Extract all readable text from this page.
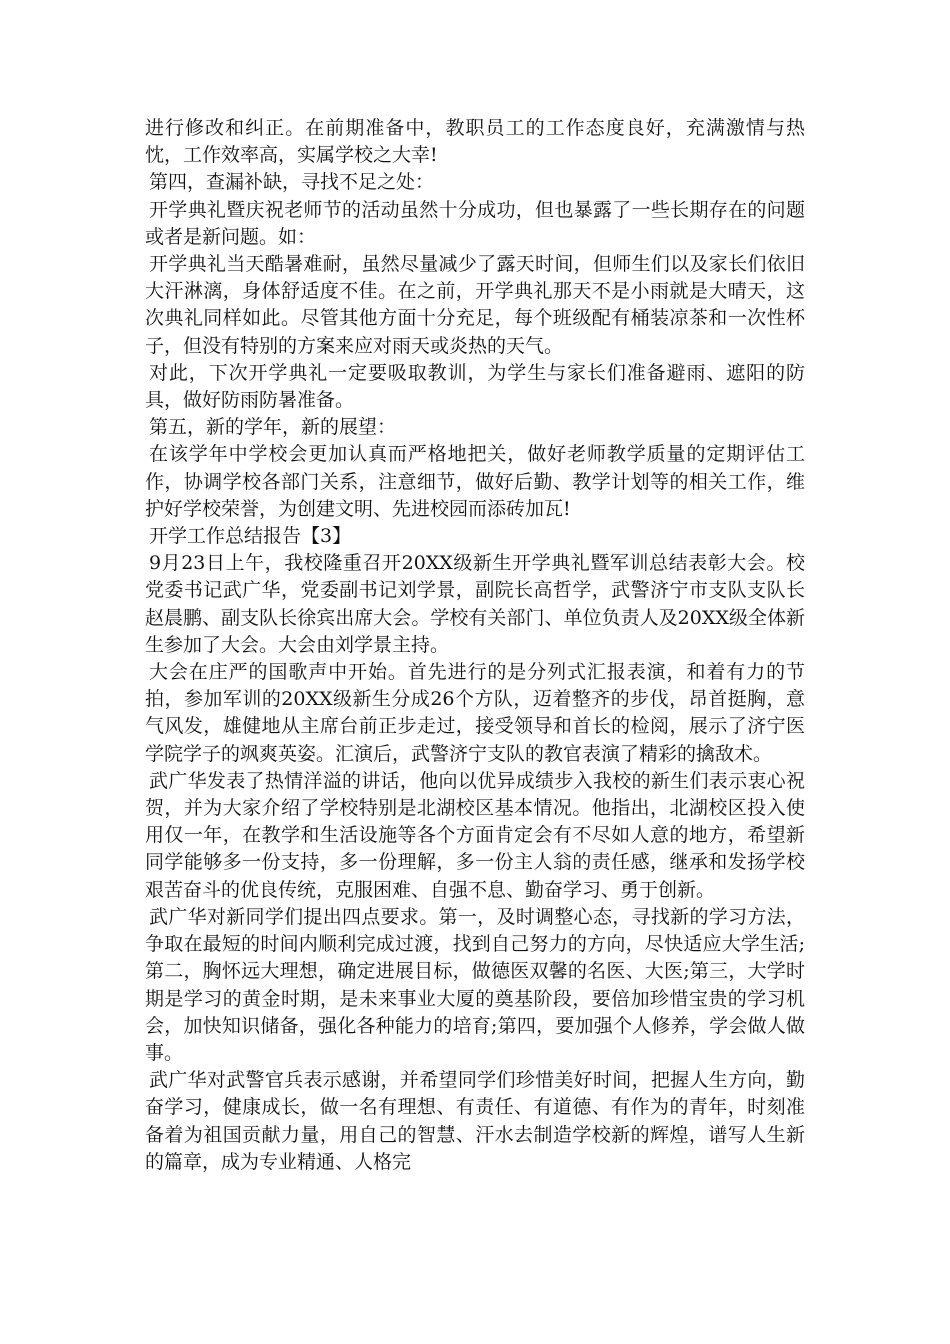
进行修改和纠正。在前期准备中，教职员工的工作态度良好，充满激情与热忱，工作效率高，实属学校之大幸!

第四，查漏补缺，寻找不足之处：

开学典礼暨庆祝老师节的活动虽然十分成功，但也暴露了一些长期存在的问题或者是新问题。如：

开学典礼当天酷暑难耐，虽然尽量减少了露天时间，但师生们以及家长们依旧大汗淋漓，身体舒适度不佳。在之前，开学典礼那天不是小雨就是大晴天，这次典礼同样如此。尽管其他方面十分充足，每个班级配有桶装凉茶和一次性杯子，但没有特别的方案来应对雨天或炎热的天气。

对此，下次开学典礼一定要吸取教训，为学生与家长们准备避雨、遮阳的防具，做好防雨防暑准备。

第五，新的学年，新的展望：

在该学年中学校会更加认真而严格地把关，做好老师教学质量的定期评估工作，协调学校各部门关系，注意细节，做好后勤、教学计划等的相关工作，维护好学校荣誉，为创建文明、先进校园而添砖加瓦!

开学工作总结报告【3】

9月23日上午，我校隆重召开20XX级新生开学典礼暨军训总结表彰大会。校党委书记武广华，党委副书记刘学景，副院长高哲学，武警济宁市支队支队长赵晨鹏、副支队长徐宾出席大会。学校有关部门、单位负责人及20XX级全体新生参加了大会。大会由刘学景主持。

大会在庄严的国歌声中开始。首先进行的是分列式汇报表演，和着有力的节拍，参加军训的20XX级新生分成26个方队，迈着整齐的步伐，昂首挺胸，意气风发，雄健地从主席台前正步走过，接受领导和首长的检阅，展示了济宁医学院学子的飒爽英姿。汇演后，武警济宁支队的教官表演了精彩的擒敌术。

武广华发表了热情洋溢的讲话，他向以优异成绩步入我校的新生们表示衷心祝贺，并为大家介绍了学校特别是北湖校区基本情况。他指出，北湖校区投入使用仅一年，在教学和生活设施等各个方面肯定会有不尽如人意的地方，希望新同学能够多一份支持，多一份理解，多一份主人翁的责任感，继承和发扬学校艰苦奋斗的优良传统，克服困难、自强不息、勤奋学习、勇于创新。

武广华对新同学们提出四点要求。第一，及时调整心态，寻找新的学习方法，争取在最短的时间内顺利完成过渡，找到自己努力的方向，尽快适应大学生活;第二，胸怀远大理想，确定进展目标，做德医双馨的名医、大医;第三，大学时期是学习的黄金时期，是未来事业大厦的奠基阶段，要倍加珍惜宝贵的学习机会，加快知识储备，强化各种能力的培育;第四，要加强个人修养，学会做人做事。

武广华对武警官兵表示感谢，并希望同学们珍惜美好时间，把握人生方向，勤奋学习，健康成长，做一名有理想、有责任、有道德、有作为的青年，时刻准备着为祖国贡献力量，用自己的智慧、汗水去制造学校新的辉煌，谱写人生新的篇章，成为专业精通、人格完
